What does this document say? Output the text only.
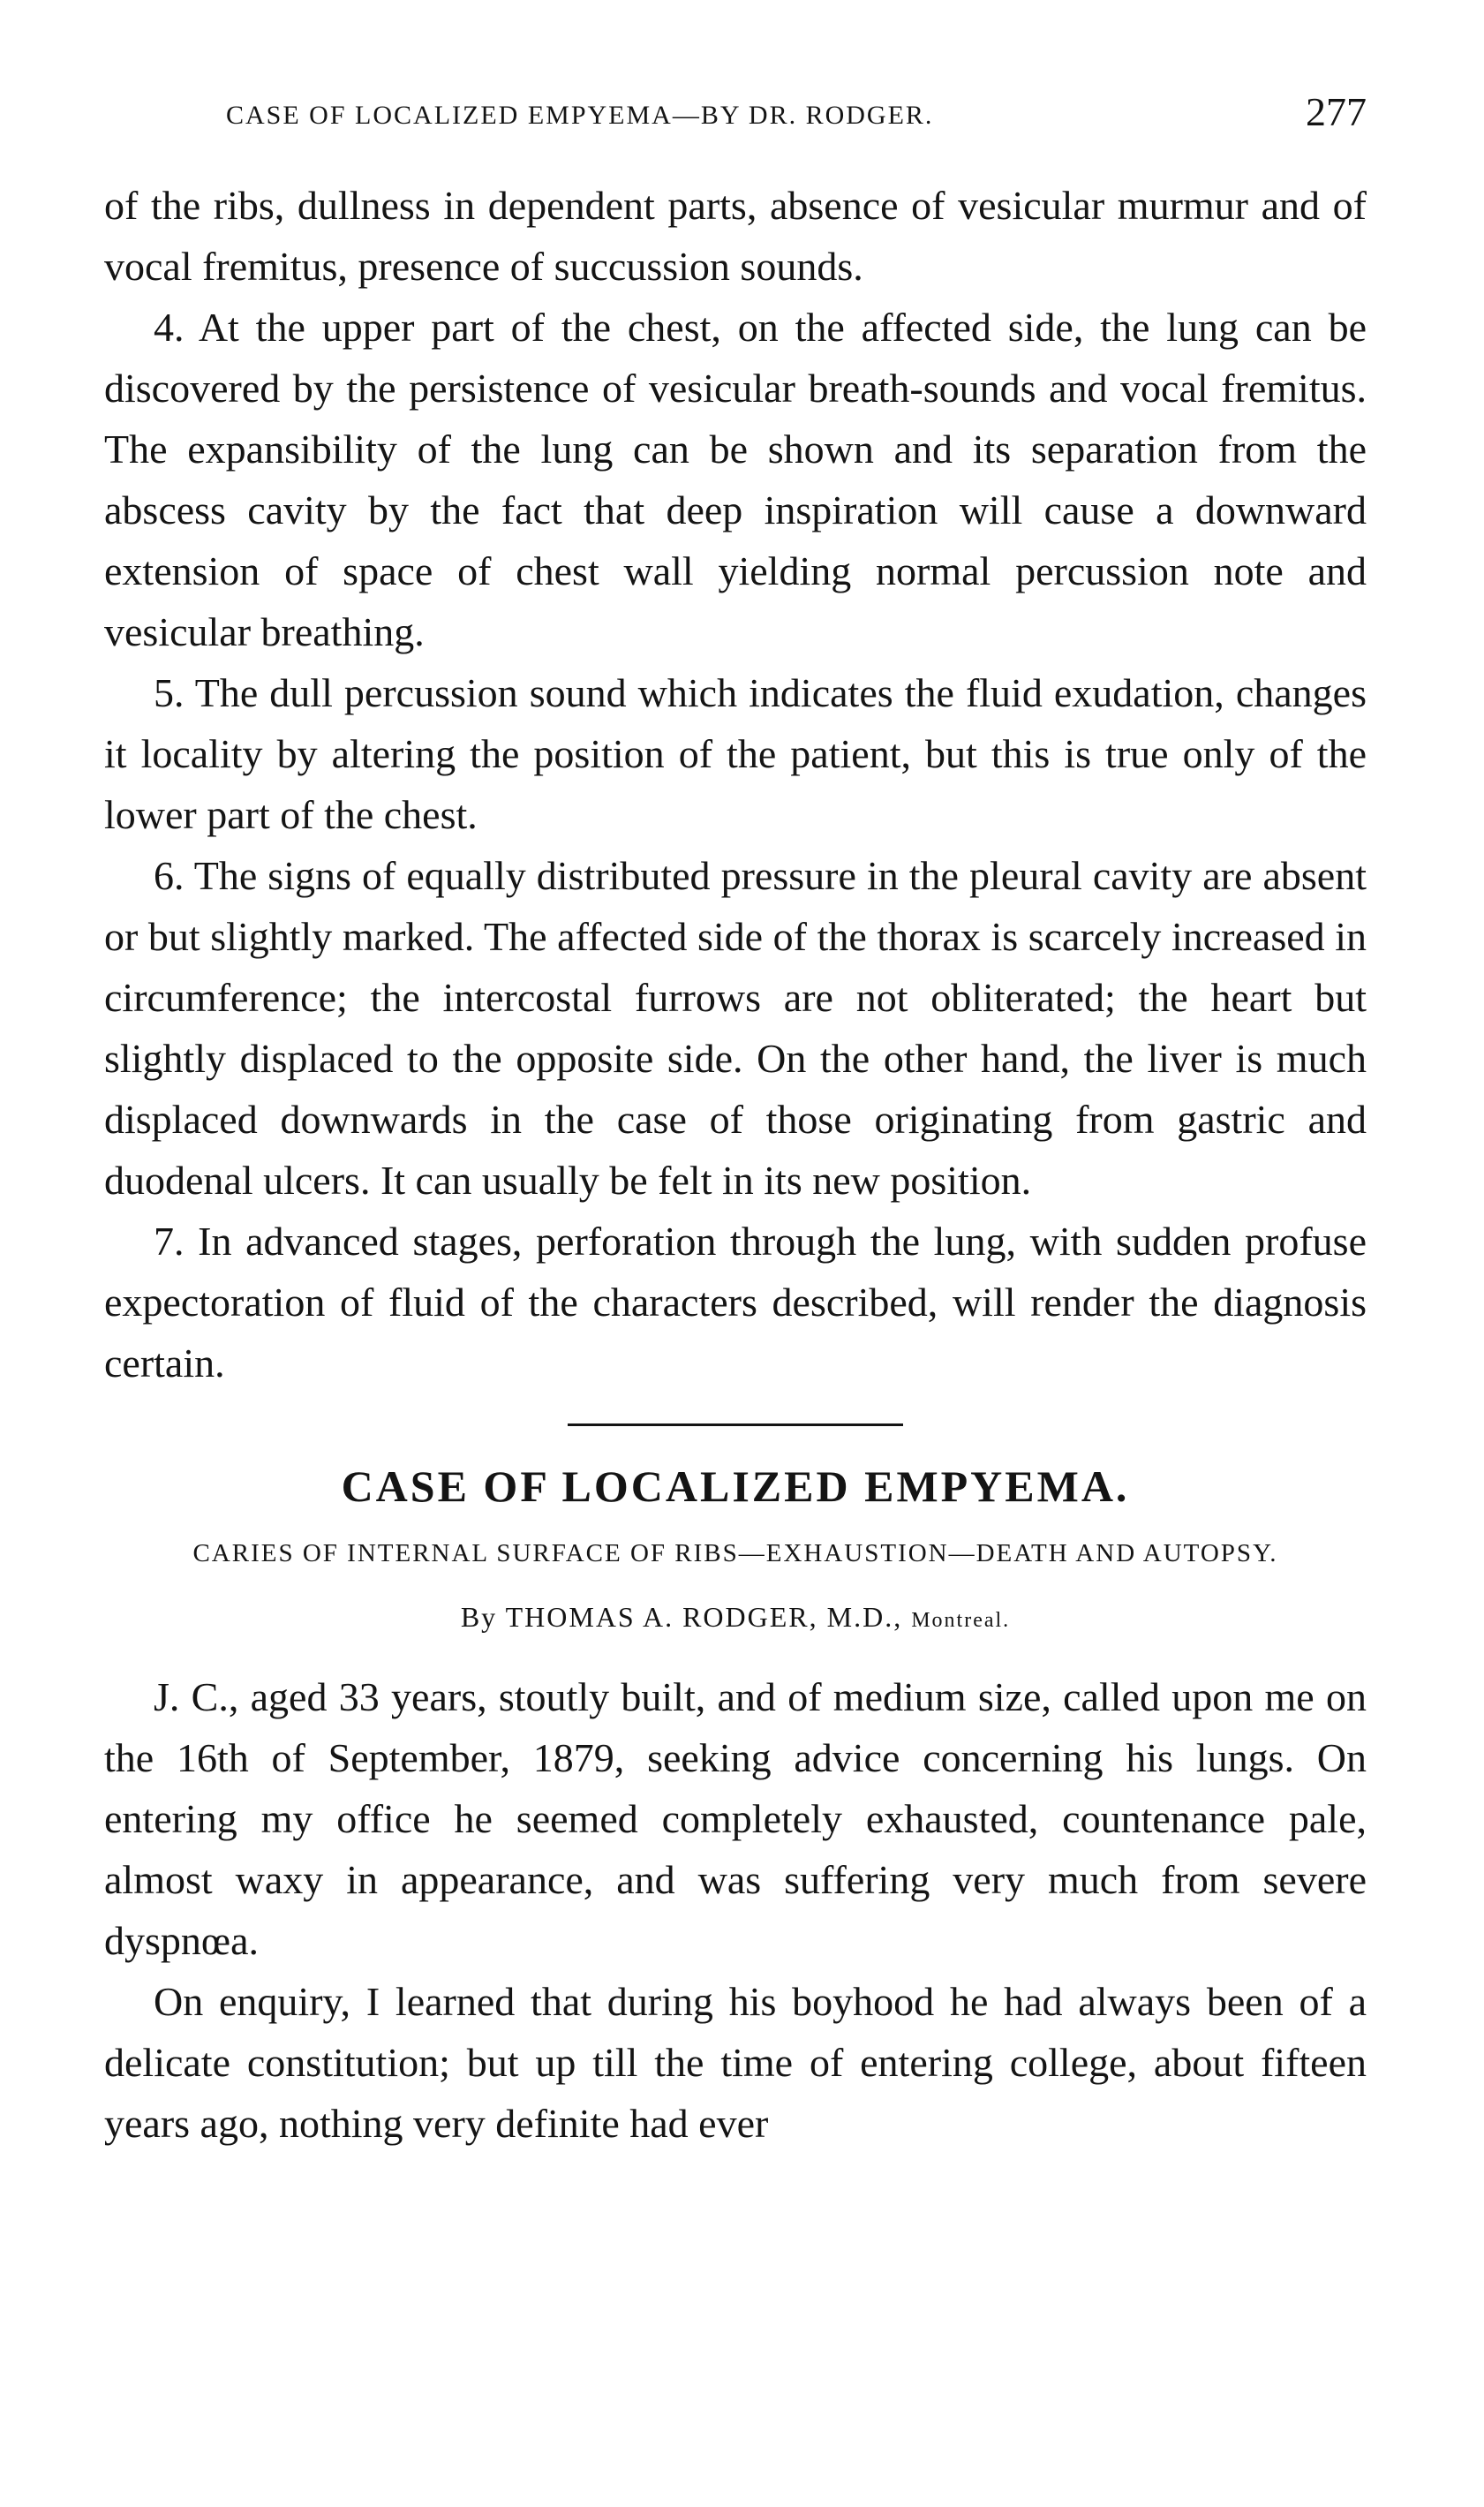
CASE OF LOCALIZED EMPYEMA—BY DR. RODGER.	277

of the ribs, dullness in dependent parts, absence of vesicular murmur and of vocal fremitus, presence of succussion sounds.

4. At the upper part of the chest, on the affected side, the lung can be discovered by the persistence of vesicular breath-sounds and vocal fremitus. The expansibility of the lung can be shown and its separation from the abscess cavity by the fact that deep inspiration will cause a downward extension of space of chest wall yielding normal percussion note and vesicular breathing.

5. The dull percussion sound which indicates the fluid exudation, changes it locality by altering the position of the patient, but this is true only of the lower part of the chest.

6. The signs of equally distributed pressure in the pleural cavity are absent or but slightly marked. The affected side of the thorax is scarcely increased in circumference; the intercostal furrows are not obliterated; the heart but slightly displaced to the opposite side. On the other hand, the liver is much displaced downwards in the case of those originating from gastric and duodenal ulcers. It can usually be felt in its new position.

7. In advanced stages, perforation through the lung, with sudden profuse expectoration of fluid of the characters described, will render the diagnosis certain.

CASE OF LOCALIZED EMPYEMA.
CARIES OF INTERNAL SURFACE OF RIBS—EXHAUSTION—DEATH AND AUTOPSY.
By THOMAS A. RODGER, M.D., Montreal.

J. C., aged 33 years, stoutly built, and of medium size, called upon me on the 16th of September, 1879, seeking advice concerning his lungs. On entering my office he seemed completely exhausted, countenance pale, almost waxy in appearance, and was suffering very much from severe dyspnœa.

On enquiry, I learned that during his boyhood he had always been of a delicate constitution; but up till the time of entering college, about fifteen years ago, nothing very definite had ever
